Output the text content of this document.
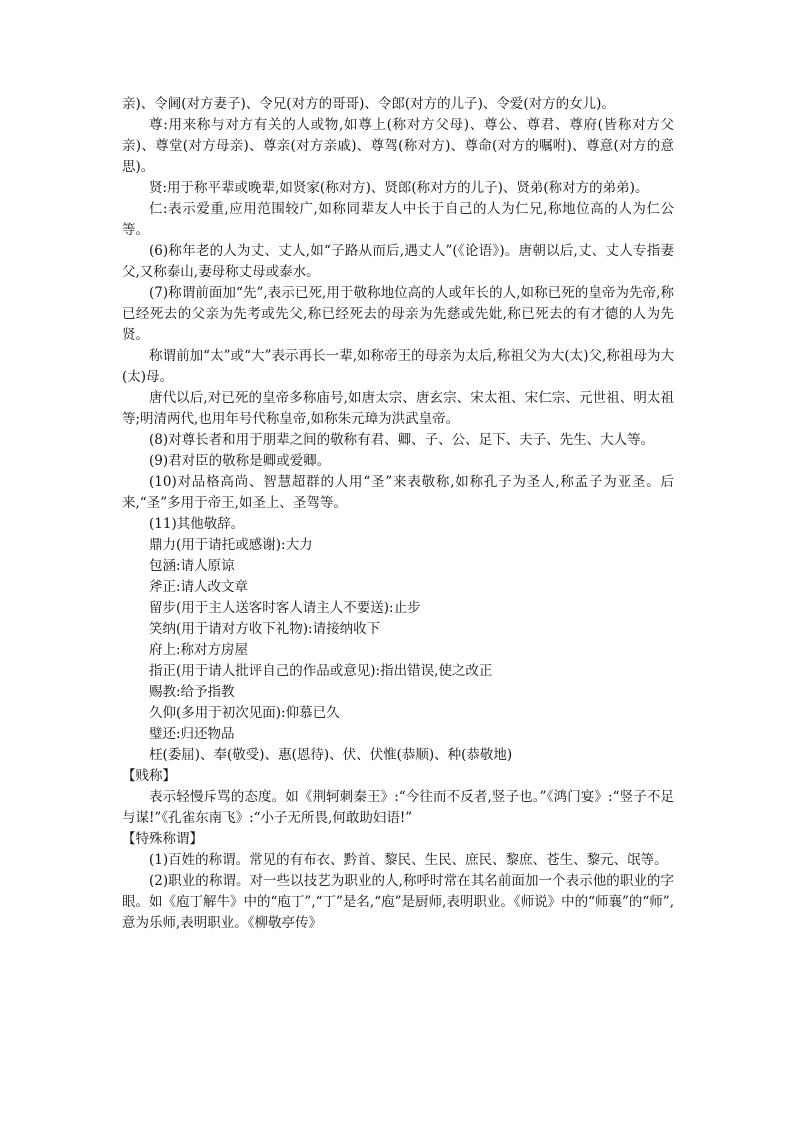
亲)、令阃(对方妻子)、令兄(对方的哥哥)、令郎(对方的儿子)、令爱(对方的女儿)。

尊:用来称与对方有关的人或物,如尊上(称对方父母)、尊公、尊君、尊府(皆称对方父亲)、尊堂(对方母亲)、尊亲(对方亲戚)、尊驾(称对方)、尊命(对方的嘱咐)、尊意(对方的意思)。

贤:用于称平辈或晚辈,如贤家(称对方)、贤郎(称对方的儿子)、贤弟(称对方的弟弟)。

仁:表示爱重,应用范围较广,如称同辈友人中长于自己的人为仁兄,称地位高的人为仁公等。

(6)称年老的人为丈、丈人,如“子路从而后,遇丈人”(《论语》)。唐朝以后,丈、丈人专指妻父,又称泰山,妻母称丈母或泰水。

(7)称谓前面加“先”,表示已死,用于敬称地位高的人或年长的人,如称已死的皇帝为先帝,称已经死去的父亲为先考或先父,称已经死去的母亲为先慈或先妣,称已死去的有才德的人为先贤。

称谓前加“太”或“大”表示再长一辈,如称帝王的母亲为太后,称祖父为大(太)父,称祖母为大(太)母。

唐代以后,对已死的皇帝多称庙号,如唐太宗、唐玄宗、宋太祖、宋仁宗、元世祖、明太祖等;明清两代,也用年号代称皇帝,如称朱元璋为洪武皇帝。

(8)对尊长者和用于朋辈之间的敬称有君、卿、子、公、足下、夫子、先生、大人等。

(9)君对臣的敬称是卿或爱卿。

(10)对品格高尚、智慧超群的人用“圣”来表敬称,如称孔子为圣人,称孟子为亚圣。后来,“圣”多用于帝王,如圣上、圣驾等。

(11)其他敬辞。

鼎力(用于请托或感谢):大力

包涵:请人原谅

斧正:请人改文章

留步(用于主人送客时客人请主人不要送):止步

笑纳(用于请对方收下礼物):请接纳收下

府上:称对方房屋

指正(用于请人批评自己的作品或意见):指出错误,使之改正

赐教:给予指教

久仰(多用于初次见面):仰慕已久

璧还:归还物品

枉(委屈)、奉(敬受)、惠(恩待)、伏、伏惟(恭顺)、种(恭敬地)

【贱称】

表示轻慢斥骂的态度。如《荆轲刺秦王》:“今往而不反者,竖子也。”《鸿门宴》:“竖子不足与谋!”《孔雀东南飞》:“小子无所畏,何敢助妇语!”

【特殊称谓】

(1)百姓的称谓。常见的有布衣、黔首、黎民、生民、庶民、黎庶、苍生、黎元、氓等。

(2)职业的称谓。对一些以技艺为职业的人,称呼时常在其名前面加一个表示他的职业的字眼。如《庖丁解牛》中的“庖丁”,“丁”是名,“庖”是厨师,表明职业。《师说》中的“师襄”的“师”,意为乐师,表明职业。《柳敬亭传》
